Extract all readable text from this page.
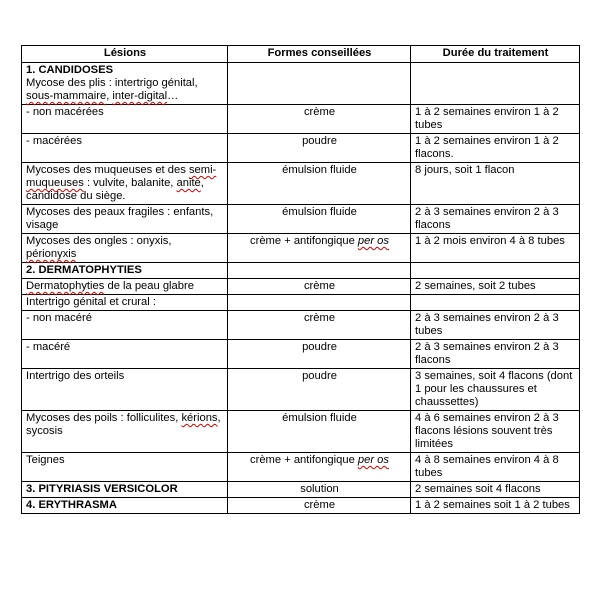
Lésions	Formes conseillées	Durée du traitement
1. CANDIDOSES
Mycose des plis : intertrigo génital, sous-mammaire, inter-digital…		
- non macérées	crème	1 à 2 semaines environ 1 à 2 tubes
- macérées	poudre	1 à 2 semaines environ 1 à 2 flacons.
Mycoses des muqueuses et des semi-muqueuses : vulvite, balanite, anite, candidose du siège.	émulsion fluide	8 jours, soit 1 flacon
Mycoses des peaux fragiles : enfants, visage	émulsion fluide	2 à 3 semaines environ 2 à 3 flacons
Mycoses des ongles : onyxis, périonyxis	crème + antifongique per os	1 à 2 mois environ 4 à 8 tubes
2. DERMATOPHYTIES		
Dermatophyties de la peau glabre	crème	2 semaines, soit 2 tubes
Intertrigo génital et crural :		
- non macéré	crème	2 à 3 semaines environ 2 à 3 tubes
- macéré	poudre	2 à 3 semaines environ 2 à 3 flacons
Intertrigo des orteils	poudre	3 semaines, soit 4 flacons (dont 1 pour les chaussures et chaussettes)
Mycoses des poils : folliculites, kérions, sycosis	émulsion fluide	4 à 6 semaines environ 2 à 3 flacons lésions souvent très limitées
Teignes	crème + antifongique per os	4 à 8 semaines environ 4 à 8 tubes
3. PITYRIASIS VERSICOLOR	solution	2 semaines soit 4 flacons
4. ERYTHRASMA	crème	1 à 2 semaines soit 1 à 2 tubes
